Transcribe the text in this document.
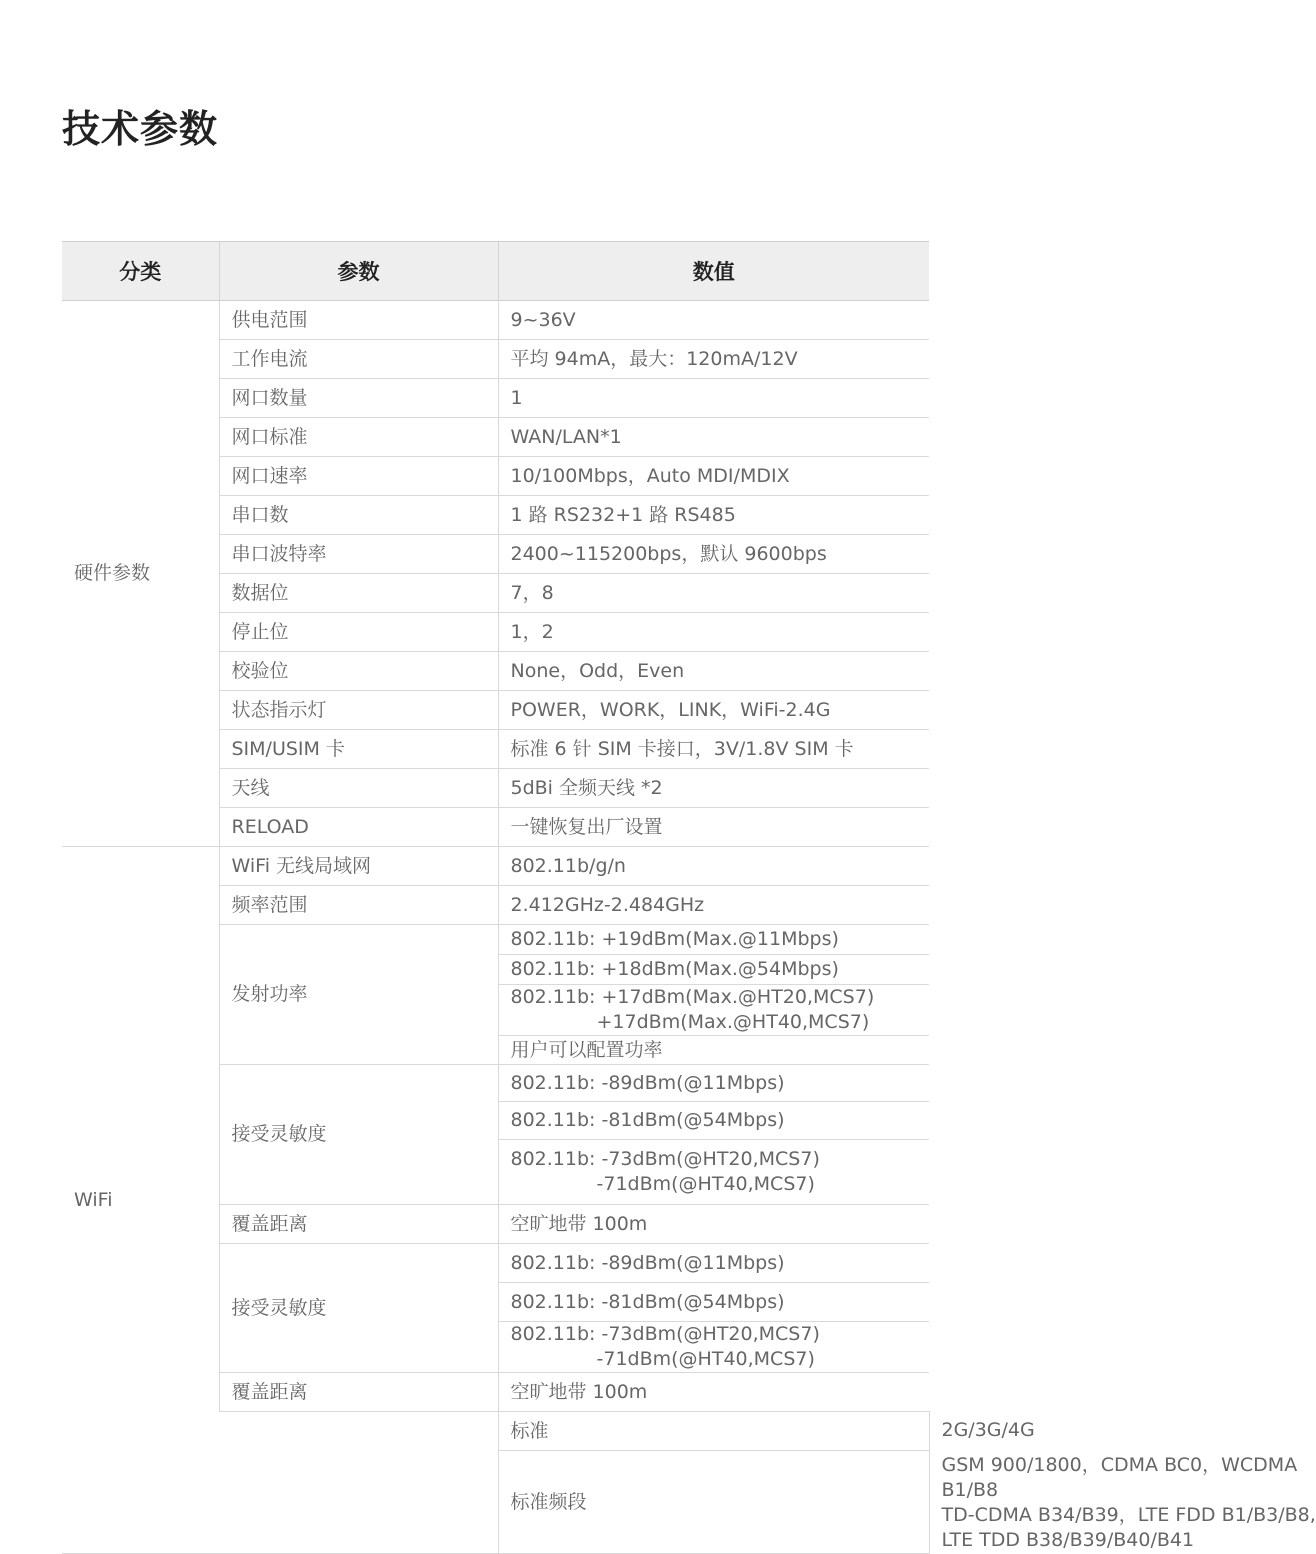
技术参数
分类	参数	数值	
硬件参数	供电范围	9~36V	
	工作电流	平均 94mA，最大：120mA/12V	
	网口数量	1	
	网口标准	WAN/LAN*1	
	网口速率	10/100Mbps，Auto MDI/MDIX	
	串口数	1 路 RS232+1 路 RS485	
	串口波特率	2400~115200bps，默认 9600bps	
	数据位	7，8	
	停止位	1，2	
	校验位	None，Odd，Even	
	状态指示灯	POWER，WORK，LINK，WiFi-2.4G	
	SIM/USIM 卡	标准 6 针 SIM 卡接口，3V/1.8V SIM 卡	
	天线	5dBi 全频天线 *2	
	RELOAD	一键恢复出厂设置	
WiFi	WiFi 无线局域网	802.11b/g/n	
	频率范围	2.412GHz-2.484GHz	
	发射功率	802.11b: +19dBm(Max.@11Mbps)	
		802.11b: +18dBm(Max.@54Mbps)	

		802.11b: +17dBm(Max.@HT20,MCS7)
+17dBm(Max.@HT40,MCS7)	

		用户可以配置功率	
	接受灵敏度	802.11b: -89dBm(@11Mbps)	
		802.11b: -81dBm(@54Mbps)	

		802.11b: -73dBm(@HT20,MCS7)
-71dBm(@HT40,MCS7)	

	覆盖距离	空旷地带 100m	
	接受灵敏度	802.11b: -89dBm(@11Mbps)	
		802.11b: -81dBm(@54Mbps)	

		802.11b: -73dBm(@HT20,MCS7)
-71dBm(@HT40,MCS7)	

	覆盖距离	空旷地带 100m	
		标准	2G/3G/4G
		标准频段	GSM 900/1800，CDMA BC0，WCDMA
B1/B8
TD-CDMA B34/B39，LTE FDD B1/B3/B8,
LTE TDD B38/B39/B40/B41
